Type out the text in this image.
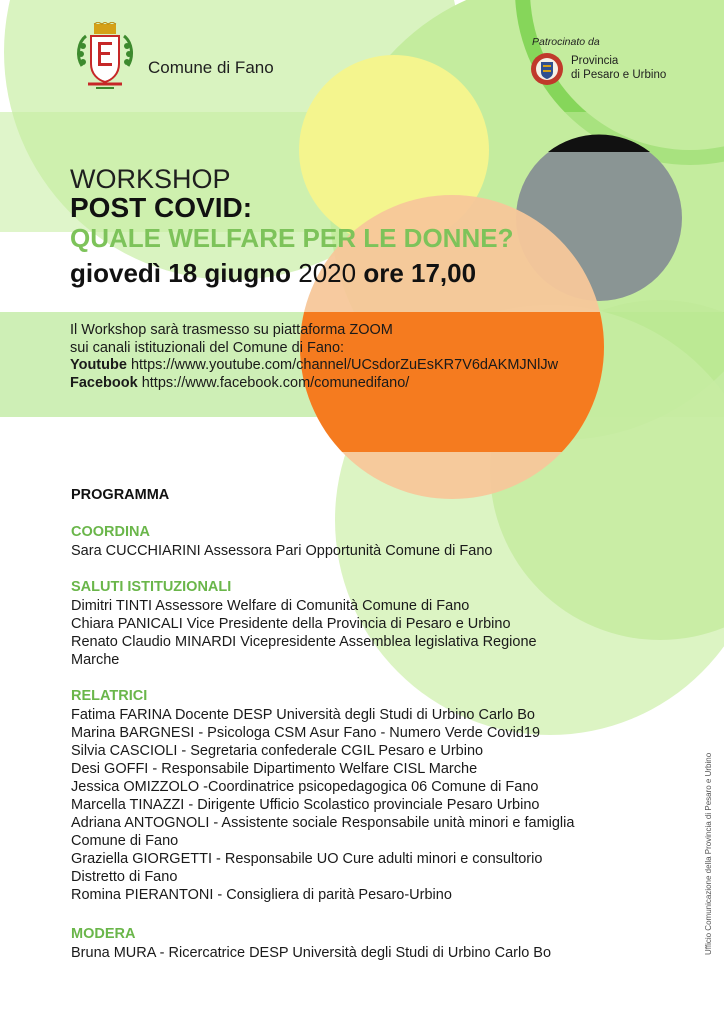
Comune di Fano
Patrocinato da
Provincia
di Pesaro e Urbino
WORKSHOP
POST COVID:
QUALE WELFARE PER LE DONNE?
giovedì 18 giugno 2020 ore 17,00
Il Workshop sarà trasmesso su piattaforma ZOOM
sui canali istituzionali del Comune di Fano:
Youtube https://www.youtube.com/channel/UCsdorZuEsKR7V6dAKMJNlJw
Facebook https://www.facebook.com/comunedifano/
PROGRAMMA
COORDINA
Sara CUCCHIARINI Assessora Pari Opportunità Comune di Fano
SALUTI ISTITUZIONALI
Dimitri TINTI Assessore Welfare di Comunità Comune di Fano
Chiara PANICALI Vice Presidente della Provincia di Pesaro e Urbino
Renato Claudio MINARDI Vicepresidente Assemblea legislativa Regione
Marche
RELATRICI
Fatima FARINA Docente DESP Università degli Studi di Urbino Carlo Bo
Marina BARGNESI - Psicologa CSM Asur Fano - Numero Verde Covid19
Silvia CASCIOLI - Segretaria confederale CGIL Pesaro e Urbino
Desi GOFFI - Responsabile Dipartimento Welfare CISL Marche
Jessica OMIZZOLO -Coordinatrice psicopedagogica 06 Comune di Fano
Marcella TINAZZI - Dirigente Ufficio Scolastico provinciale Pesaro Urbino
Adriana ANTOGNOLI - Assistente sociale Responsabile unità minori e famiglia
Comune di Fano
Graziella GIORGETTI - Responsabile UO Cure adulti minori e consultorio
Distretto di Fano
Romina PIERANTONI - Consigliera di parità Pesaro-Urbino
MODERA
Bruna MURA - Ricercatrice DESP Università degli Studi di Urbino Carlo Bo	Ufficio Comunicazione della Provincia di Pesaro e Urbino
